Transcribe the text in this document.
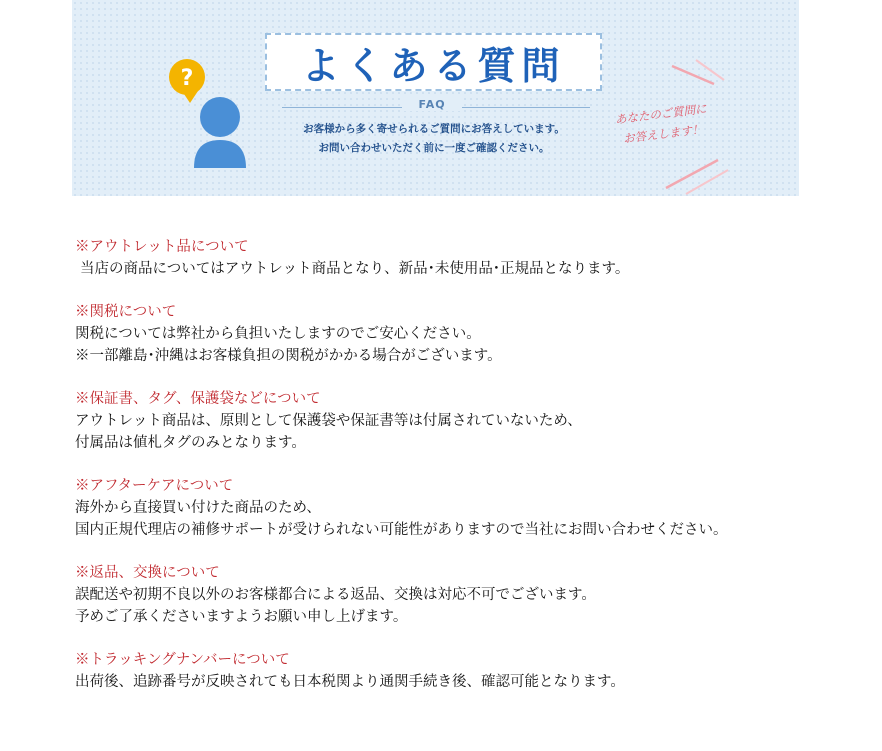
?	よくある質問
FAQ
お客様から多く寄せられるご質問にお答えしています。
お問い合わせいただく前に一度ご確認ください。
あなたのご質問に
お答えします！
※アウトレット品について
当店の商品についてはアウトレット商品となり、新品･未使用品･正規品となります。
※関税について
関税については弊社から負担いたしますのでご安心ください。
※一部離島･沖縄はお客様負担の関税がかかる場合がございます。
※保証書、タグ、保護袋などについて
アウトレット商品は、原則として保護袋や保証書等は付属されていないため、
付属品は値札タグのみとなります。
※アフターケアについて
海外から直接買い付けた商品のため、
国内正規代理店の補修サポートが受けられない可能性がありますので当社にお問い合わせください。
※返品、交換について
誤配送や初期不良以外のお客様都合による返品、交換は対応不可でございます。
予めご了承くださいますようお願い申し上げます。
※トラッキングナンバーについて
出荷後、追跡番号が反映されても日本税関より通関手続き後、確認可能となります。
